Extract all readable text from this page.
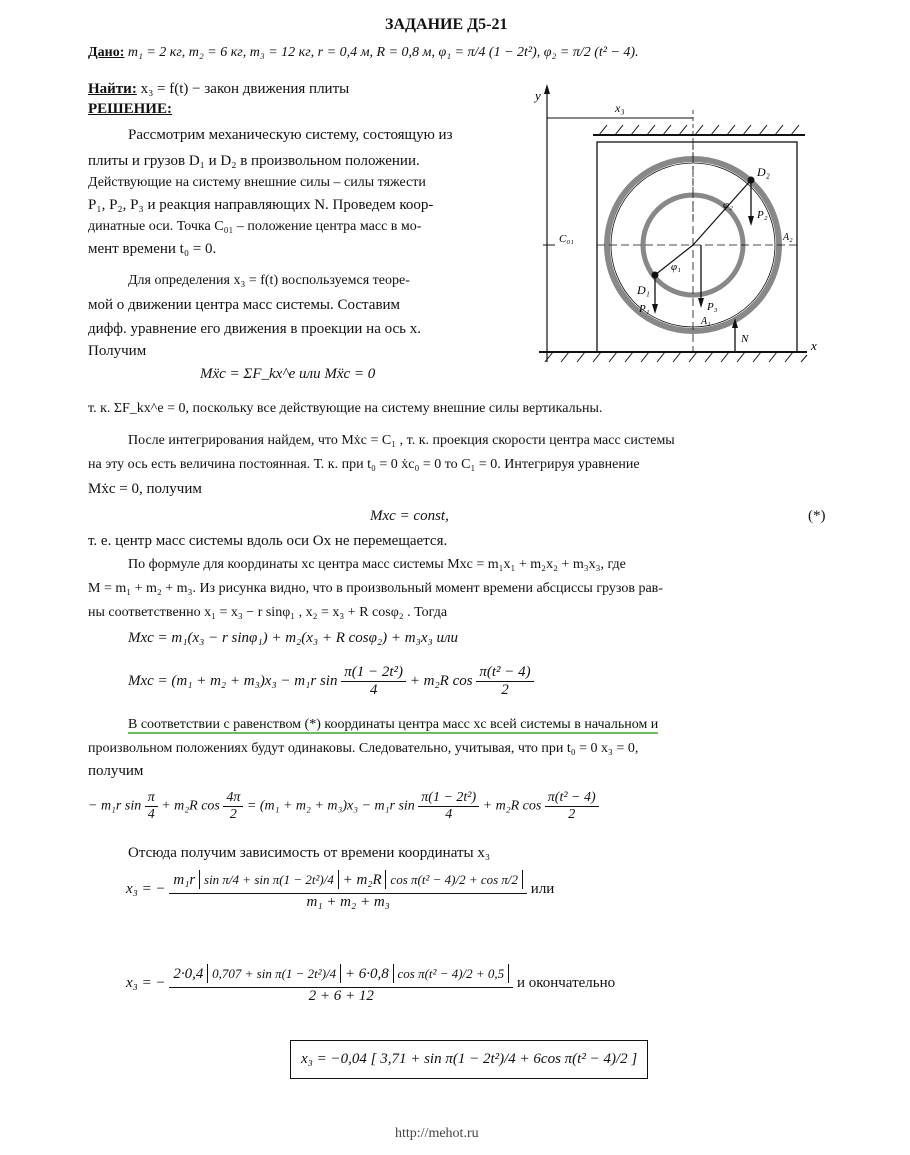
ЗАДАНИЕ Д5-21
Дано: m₁ = 2 кг, m₂ = 6 кг, m₃ = 12 кг, r = 0,4 м, R = 0,8 м, φ₁ = π/4 (1 − 2t²), φ₂ = π/2 (t² − 4).
Найти: x₃ = f(t) − закон движения плиты
РЕШЕНИЕ:
Рассмотрим механическую систему, состоящую из
плиты и грузов D₁ и D₂ в произвольном положении.
Действующие на систему внешние силы – силы тяжести
P₁, P₂, P₃ и реакция направляющих N. Проведем коор-
динатные оси. Точка C₀₁ – положение центра масс в мо-
мент времени t₀ = 0.
Для определения x₃ = f(t) воспользуемся теоре-
мой о движении центра масс системы. Составим
дифф. уравнение его движения в проекции на ось x.
Получим
Mẍc = ΣF_kx^e или Mẍc = 0
т. к. ΣF_kx^e = 0, поскольку все действующие на систему внешние силы вертикальны.
После интегрирования найдем, что Mẋc = C₁ , т. к. проекция скорости центра масс системы
на эту ось есть величина постоянная. Т. к. при t₀ = 0 ẋc₀ = 0 то C₁ = 0. Интегрируя уравнение
Mẋc = 0, получим
Mxc = const,	(*)
т. е. центр масс системы вдоль оси Ох не перемещается.
По формуле для координаты xc центра масс системы Mxc = m₁x₁ + m₂x₂ + m₃x₃, где
M = m₁ + m₂ + m₃. Из рисунка видно, что в произвольный момент времени абсциссы грузов рав-
ны соответственно x₁ = x₃ − r sinφ₁ , x₂ = x₃ + R cosφ₂ . Тогда
Mxc = m₁(x₃ − r sinφ₁) + m₂(x₃ + R cosφ₂) + m₃x₃ или
Mxc = (m₁ + m₂ + m₃)x₃ − m₁r $\sin \frac{\text{π(1 − 2t²)}}{4} + m_2R$ $\cos \frac{\text{π(t² − 4)}}{2}$
В соответствии с равенством (*) координаты центра масс xc всей системы в начальном и
произвольном положениях будут одинаковы. Следовательно, учитывая, что при t₀ = 0 x₃ = 0,
получим
− m₁r $\sin \frac{\pi}{4} + m_2R$ $\cos \frac{4\pi}{2} = (m_1 + m_2 + m_3)x_3 - m_1r$ $\sin \frac{\text{π(1 − 2t²)}}{4} + m_2R$ $\cos \frac{\text{π(t² − 4)}}{2}$
Отсюда получим зависимость от времени координаты x₃
x₃ = −
m₁r sin π/4 + sin π(1 − 2t²)/4 + m₂R cos π(t² − 4)/2 + cos π/2
m₁ + m₂ + m₃
или
x₃ = −
2·0,4 0,707 + sin π(1 − 2t²)/4 + 6·0,8 cos π(t² − 4)/2 + 0,5
2 + 6 + 12
и окончательно
x₃ = −0,04 [ 3,71 + sin π(1 − 2t²)/4 + 6cos π(t² − 4)/2 ]
y
x₃
C₀₁
D₂
D₁
P₂
P₁	P₃
N
φ₂
φ₁
A₁
A₂
x
http://mehot.ru
